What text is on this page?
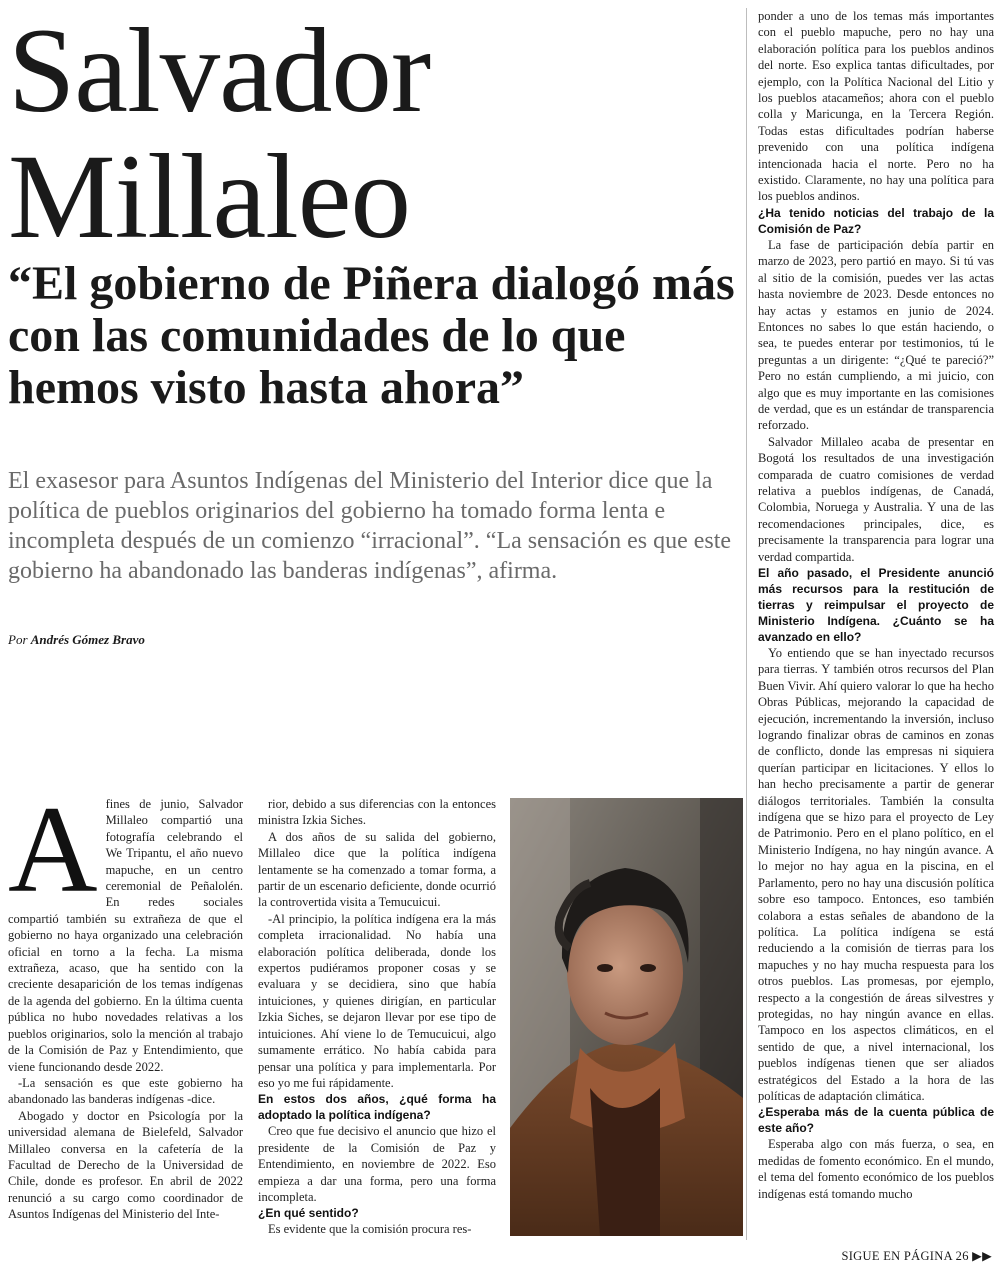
Salvador Millaleo
“El gobierno de Piñera dialogó más con las comunidades de lo que hemos visto hasta ahora”

El exasesor para Asuntos Indígenas del Ministerio del Interior dice que la política de pueblos originarios del gobierno ha tomado forma lenta e incompleta después de un comienzo “irracional”. “La sensación es que este gobierno ha abandonado las banderas indígenas”, afirma.

Por Andrés Gómez Bravo
A fines de junio, Salvador Millaleo compartió una fotografía celebrando el We Tripantu, el año nuevo mapuche, en un centro ceremonial de Peñalolén. En redes sociales compartió también su extrañeza de que el gobierno no haya organizado una celebración oficial en torno a la fecha. La misma extrañeza, acaso, que ha sentido con la creciente desaparición de los temas indígenas de la agenda del gobierno. En la última cuenta pública no hubo novedades relativas a los pueblos originarios, solo la mención al trabajo de la Comisión de Paz y Entendimiento, que viene funcionando desde 2022.

-La sensación es que este gobierno ha abandonado las banderas indígenas -dice.

Abogado y doctor en Psicología por la universidad alemana de Bielefeld, Salvador Millaleo conversa en la cafetería de la Facultad de Derecho de la Universidad de Chile, donde es profesor. En abril de 2022 renunció a su cargo como coordinador de Asuntos Indígenas del Ministerio del Inte-

rior, debido a sus diferencias con la entonces ministra Izkia Siches.

A dos años de su salida del gobierno, Millaleo dice que la política indígena lentamente se ha comenzado a tomar forma, a partir de un escenario deficiente, donde ocurrió la controvertida visita a Temucuicui.

-Al principio, la política indígena era la más completa irracionalidad. No había una elaboración política deliberada, donde los expertos pudiéramos proponer cosas y se evaluara y se decidiera, sino que había intuiciones, y quienes dirigían, en particular Izkia Siches, se dejaron llevar por ese tipo de intuiciones. Ahí viene lo de Temucuicui, algo sumamente errático. No había cabida para pensar una política y para implementarla. Por eso yo me fui rápidamente.

En estos dos años, ¿qué forma ha adoptado la política indígena?

Creo que fue decisivo el anuncio que hizo el presidente de la Comisión de Paz y Entendimiento, en noviembre de 2022. Eso empieza a dar una forma, pero una forma incompleta.

¿En qué sentido?

Es evidente que la comisión procura res-

ponder a uno de los temas más importantes con el pueblo mapuche, pero no hay una elaboración política para los pueblos andinos del norte. Eso explica tantas dificultades, por ejemplo, con la Política Nacional del Litio y los pueblos atacameños; ahora con el pueblo colla y Maricunga, en la Tercera Región. Todas estas dificultades podrían haberse prevenido con una política indígena intencionada hacia el norte. Pero no ha existido. Claramente, no hay una política para los pueblos andinos.

¿Ha tenido noticias del trabajo de la Comisión de Paz?

La fase de participación debía partir en marzo de 2023, pero partió en mayo. Si tú vas al sitio de la comisión, puedes ver las actas hasta noviembre de 2023. Desde entonces no hay actas y estamos en junio de 2024. Entonces no sabes lo que están haciendo, o sea, te puedes enterar por testimonios, tú le preguntas a un dirigente: “¿Qué te pareció?” Pero no están cumpliendo, a mi juicio, con algo que es muy importante en las comisiones de verdad, que es un estándar de transparencia reforzado.

Salvador Millaleo acaba de presentar en Bogotá los resultados de una investigación comparada de cuatro comisiones de verdad relativa a pueblos indígenas, de Canadá, Colombia, Noruega y Australia. Y una de las recomendaciones principales, dice, es precisamente la transparencia para lograr una verdad compartida.

El año pasado, el Presidente anunció más recursos para la restitución de tierras y reimpulsar el proyecto de Ministerio Indígena. ¿Cuánto se ha avanzado en ello?

Yo entiendo que se han inyectado recursos para tierras. Y también otros recursos del Plan Buen Vivir. Ahí quiero valorar lo que ha hecho Obras Públicas, mejorando la capacidad de ejecución, incrementando la inversión, incluso logrando finalizar obras de caminos en zonas de conflicto, donde las empresas ni siquiera querían participar en licitaciones. Y ellos lo han hecho precisamente a partir de generar diálogos territoriales. También la consulta indígena que se hizo para el proyecto de Ley de Patrimonio. Pero en el plano político, en el Ministerio Indígena, no hay ningún avance. A lo mejor no hay agua en la piscina, en el Parlamento, pero no hay una discusión política sobre eso tampoco. Entonces, eso también colabora a estas señales de abandono de la política. La política indígena se está reduciendo a la comisión de tierras para los mapuches y no hay mucha respuesta para los otros pueblos. Las promesas, por ejemplo, respecto a la congestión de áreas silvestres y protegidas, no hay ningún avance en ellas. Tampoco en los aspectos climáticos, en el sentido de que, a nivel internacional, los pueblos indígenas tienen que ser aliados estratégicos del Estado a la hora de las políticas de adaptación climática.

¿Esperaba más de la cuenta pública de este año?

Esperaba algo con más fuerza, o sea, en medidas de fomento económico. En el mundo, el tema del fomento económico de los pueblos indígenas está tomando mucho

SIGUE EN PÁGINA 26 ▶▶
